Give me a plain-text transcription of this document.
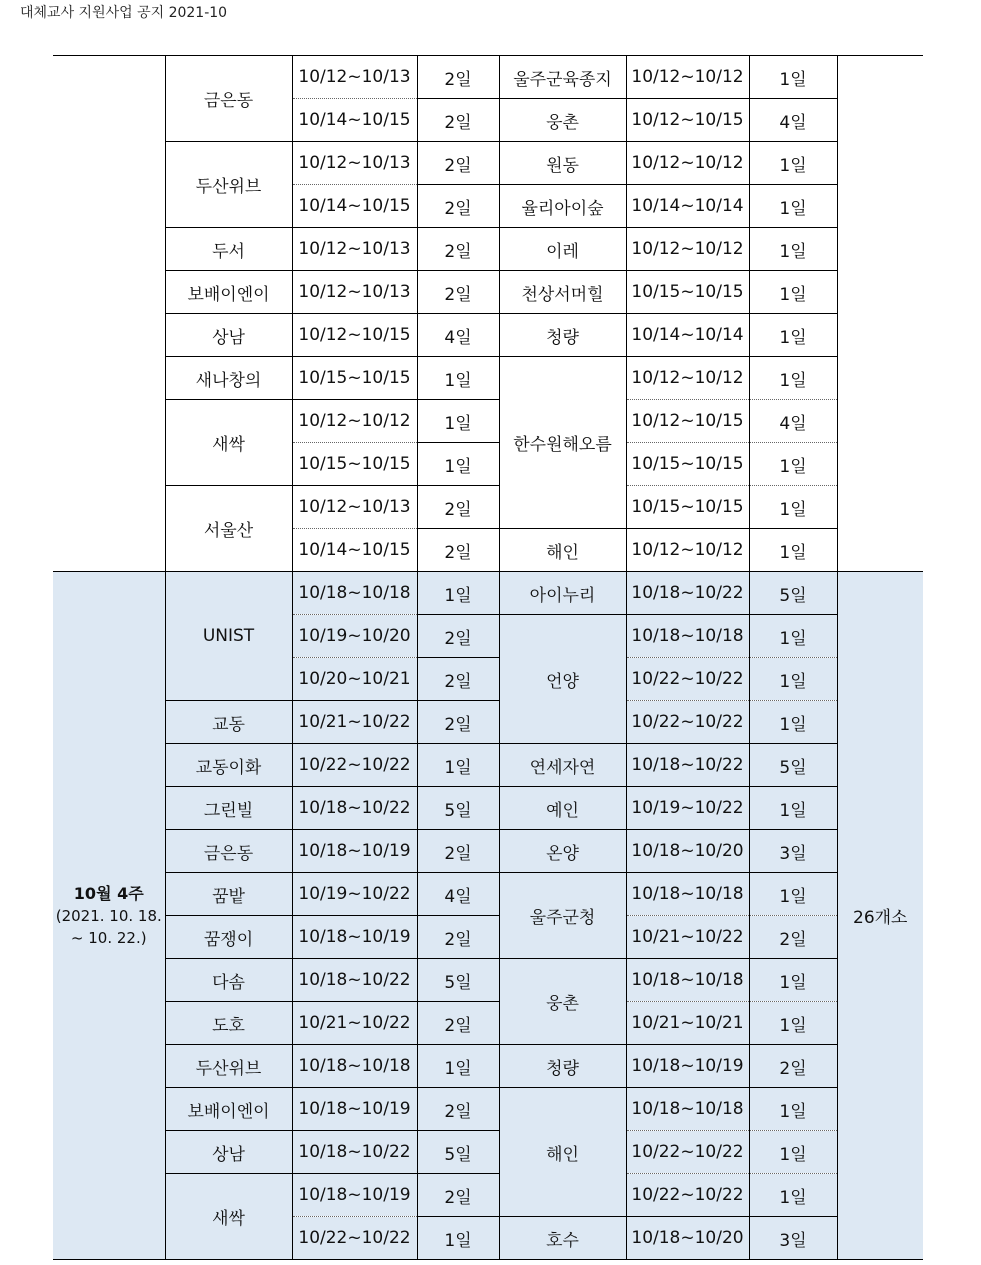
대체교사 지원사업 공지 2021-10
	금은동	10/12~10/13	2일	울주군육종지	10/12~10/12	1일	
		10/14~10/15	2일	웅촌	10/12~10/15	4일	
	두산위브	10/12~10/13	2일	원동	10/12~10/12	1일	
		10/14~10/15	2일	율리아이숲	10/14~10/14	1일	
	두서	10/12~10/13	2일	이레	10/12~10/12	1일	
	보배이엔이	10/12~10/13	2일	천상서머힐	10/15~10/15	1일	
	상남	10/12~10/15	4일	청량	10/14~10/14	1일	
	새나창의	10/15~10/15	1일	한수원해오름	10/12~10/12	1일	
	새싹	10/12~10/12	1일		10/12~10/15	4일	
		10/15~10/15	1일		10/15~10/15	1일	
	서울산	10/12~10/13	2일		10/15~10/15	1일	
		10/14~10/15	2일	해인	10/12~10/12	1일	

10월 4주
(2021. 10. 18.
~ 10. 22.)	UNIST	10/18~10/18	1일	아이누리	10/18~10/22	5일	26개소
		10/19~10/20	2일	언양	10/18~10/18	1일	
		10/20~10/21	2일		10/22~10/22	1일	
	교동	10/21~10/22	2일		10/22~10/22	1일	
	교동이화	10/22~10/22	1일	연세자연	10/18~10/22	5일	
	그린빌	10/18~10/22	5일	예인	10/19~10/22	1일	
	금은동	10/18~10/19	2일	온양	10/18~10/20	3일	
	꿈밭	10/19~10/22	4일	울주군청	10/18~10/18	1일	
	꿈쟁이	10/18~10/19	2일		10/21~10/22	2일	
	다솜	10/18~10/22	5일	웅촌	10/18~10/18	1일	
	도호	10/21~10/22	2일		10/21~10/21	1일	
	두산위브	10/18~10/18	1일	청량	10/18~10/19	2일	
	보배이엔이	10/18~10/19	2일	해인	10/18~10/18	1일	
	상남	10/18~10/22	5일		10/22~10/22	1일	
	새싹	10/18~10/19	2일		10/22~10/22	1일	
		10/22~10/22	1일	호수	10/18~10/20	3일	
